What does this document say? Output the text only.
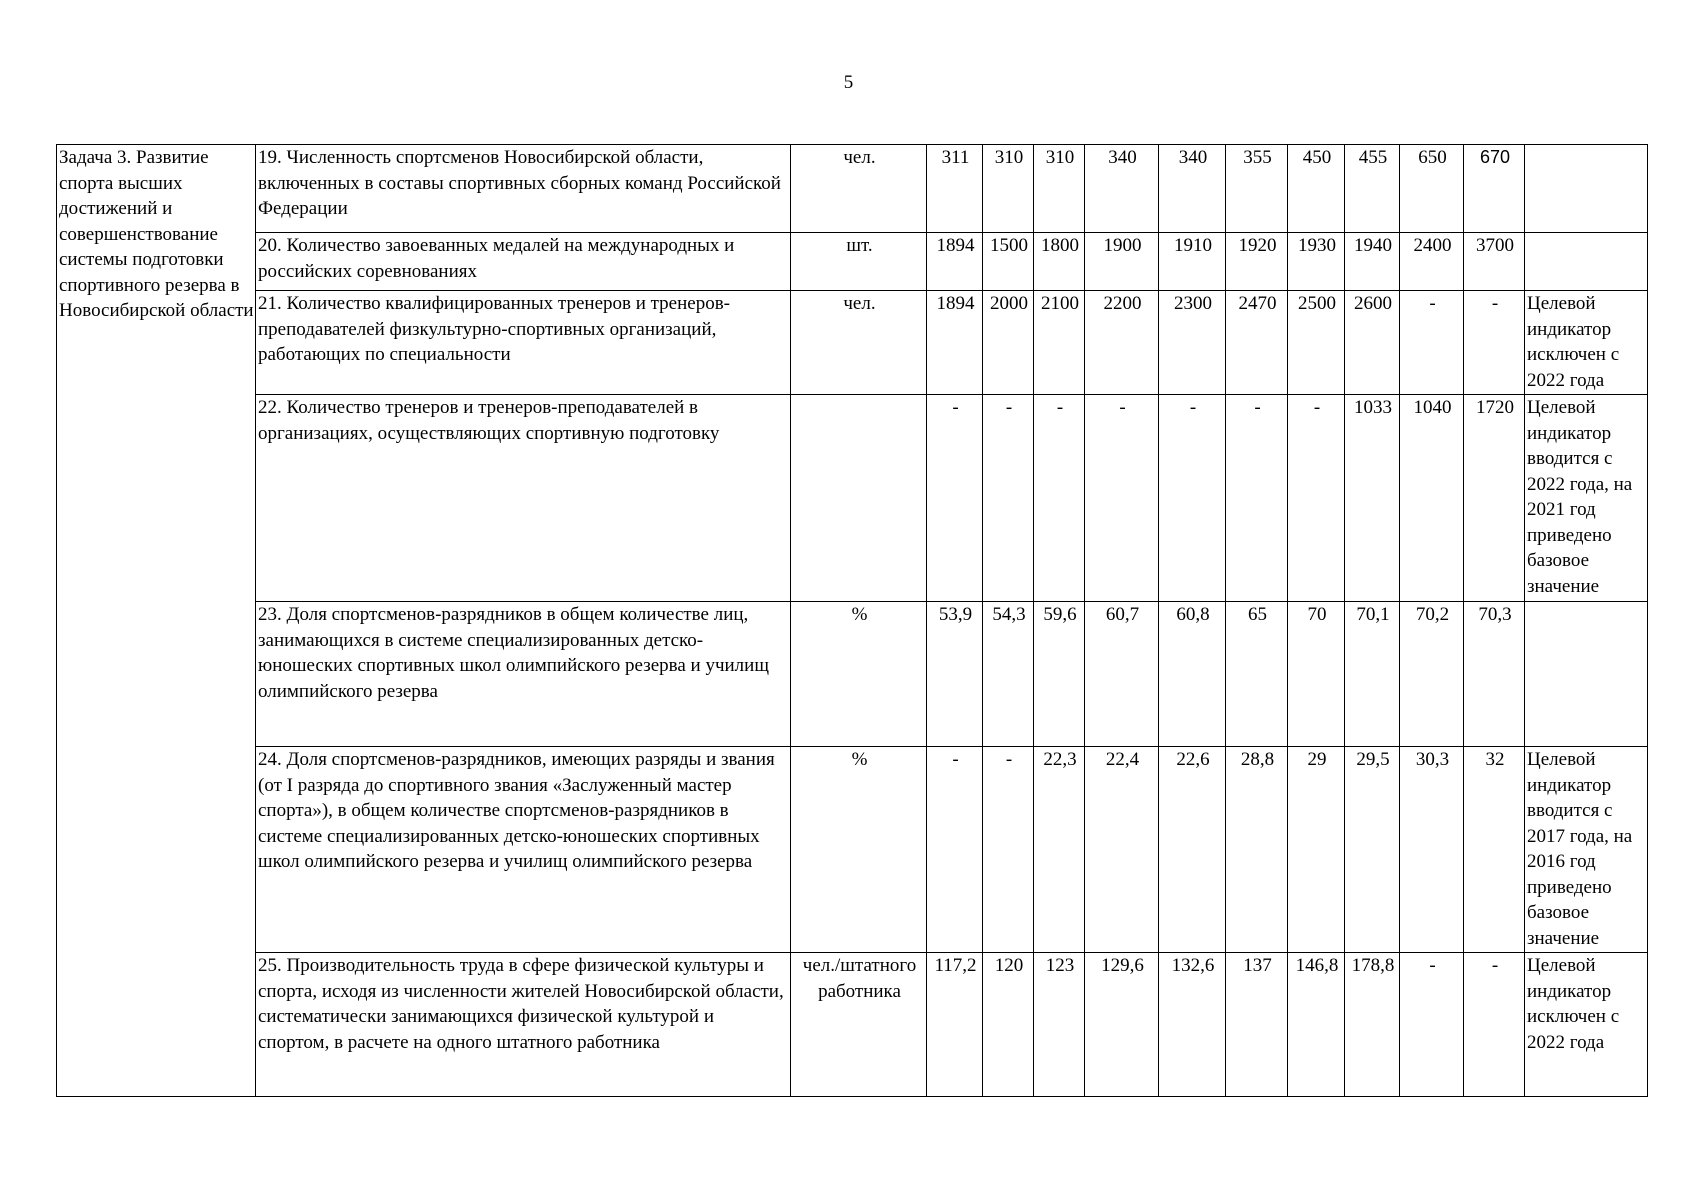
5
Задача 3. Развитие спорта высших достижений и совершенствование системы подготовки спортивного резерва в Новосибирской области	19. Численность спортсменов Новосибирской области, включенных в составы спортивных сборных команд Российской Федерации	чел.	311	310	310	340	340	355	450	455	650	670	
	20. Количество завоеванных медалей на международных и российских соревнованиях	шт.	1894	1500	1800	1900	1910	1920	1930	1940	2400	3700	
	21. Количество квалифицированных тренеров и тренеров-преподавателей физкультурно-спортивных организаций, работающих по специальности	чел.	1894	2000	2100	2200	2300	2470	2500	2600	-	-	Целевой индикатор исключен с 2022 года
	22. Количество тренеров и тренеров-преподавателей в организациях, осуществляющих спортивную подготовку		-	-	-	-	-	-	-	1033	1040	1720	Целевой индикатор вводится с 2022 года, на 2021 год приведено базовое значение
	23. Доля спортсменов-разрядников в общем количестве лиц, занимающихся в системе специализированных детско-юношеских спортивных школ олимпийского резерва и училищ олимпийского резерва	%	53,9	54,3	59,6	60,7	60,8	65	70	70,1	70,2	70,3	
	24. Доля спортсменов-разрядников, имеющих разряды и звания (от I разряда до спортивного звания «Заслуженный мастер спорта»), в общем количестве спортсменов-разрядников в системе специализированных детско-юношеских спортивных школ олимпийского резерва и училищ олимпийского резерва	%	-	-	22,3	22,4	22,6	28,8	29	29,5	30,3	32	Целевой индикатор вводится с 2017 года, на 2016 год приведено базовое значение
	25. Производительность труда в сфере физической культуры и спорта, исходя из численности жителей Новосибирской области, систематически занимающихся физической культурой и спортом, в расчете на одного штатного работника	чел./штатного работника	117,2	120	123	129,6	132,6	137	146,8	178,8	-	-	Целевой индикатор исключен с 2022 года
